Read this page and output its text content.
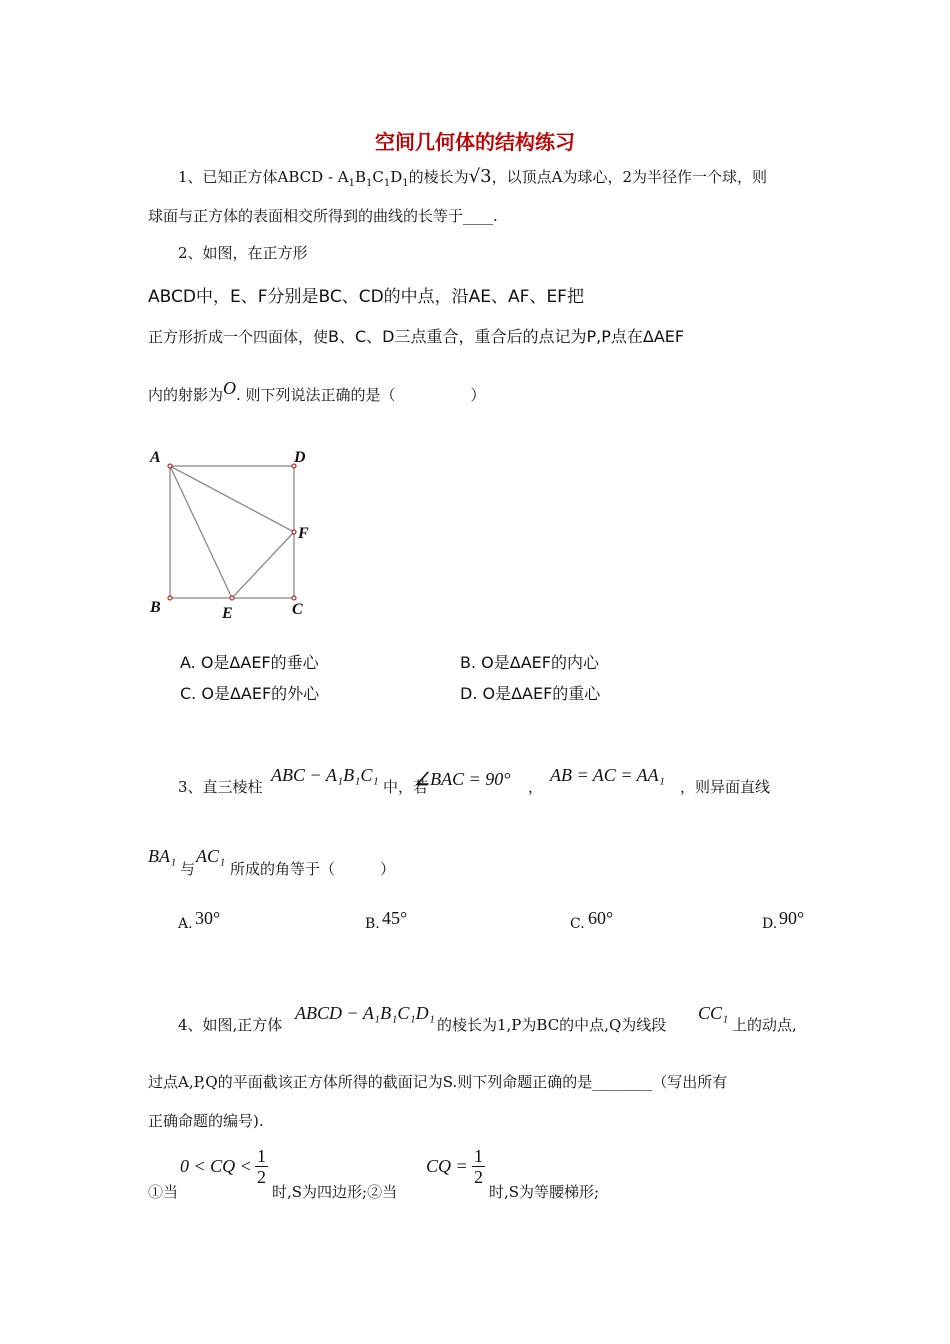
空间几何体的结构练习
1、已知正方体ABCD - $A_1B_1C_1D_1$的棱长为√3，以顶点A为球心，2为半径作一个球，则
球面与正方体的表面相交所得到的曲线的长等于____.
2、如图，在正方形
ABCD中，E、F分别是BC、CD的中点，沿AE、AF、EF把
正方形折成一个四面体，使B、C、D三点重合，重合后的点记为P,P点在ΔAEF
内的射影为O. 则下列说法正确的是（　　　　　）
A	D
F
B	E	C
A. O是ΔAEF的垂心	B. O是ΔAEF的内心
C. O是ΔAEF的外心	D. O是ΔAEF的重心
3、直三棱柱
ABC − A₁B₁C₁
中，若
∠BAC = 90° ，
AB = AC = AA₁
，则异面直线
BA₁
与
AC₁
所成的角等于（　　　）
A. 30°	B. 45°	C. 60°	D. 90°
4、如图,正方体
ABCD − A₁B₁C₁D₁
的棱长为1,P为BC的中点,Q为线段
CC₁
上的动点,
过点A,P,Q的平面截该正方体所得的截面记为S.则下列命题正确的是________（写出所有
正确命题的编号).
①当
0 < CQ < $\frac{1}{2}$
时,S为四边形;②当
CQ = $\frac{1}{2}$
时,S为等腰梯形;
